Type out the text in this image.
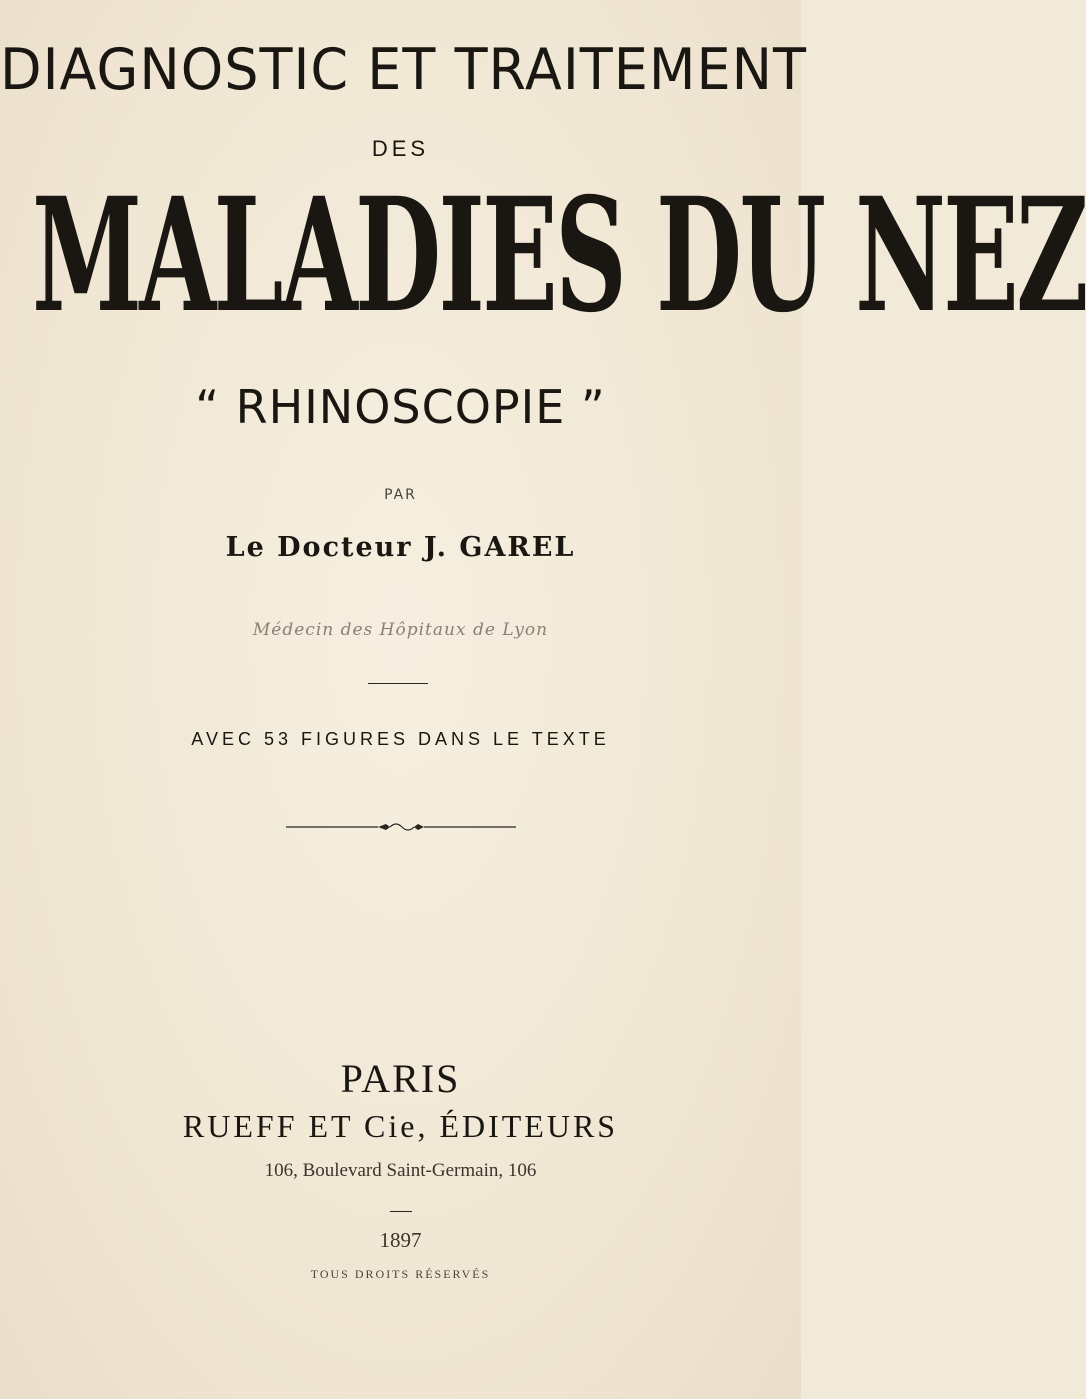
DIAGNOSTIC ET TRAITEMENT
DES
MALADIES DU NEZ
“ RHINOSCOPIE ”
PAR
Le Docteur J. GAREL
Médecin des Hôpitaux de Lyon
AVEC 53 FIGURES DANS LE TEXTE
PARIS
RUEFF ET Cie, ÉDITEURS
106, Boulevard Saint-Germain, 106
1897
TOUS DROITS RÉSERVÉS
